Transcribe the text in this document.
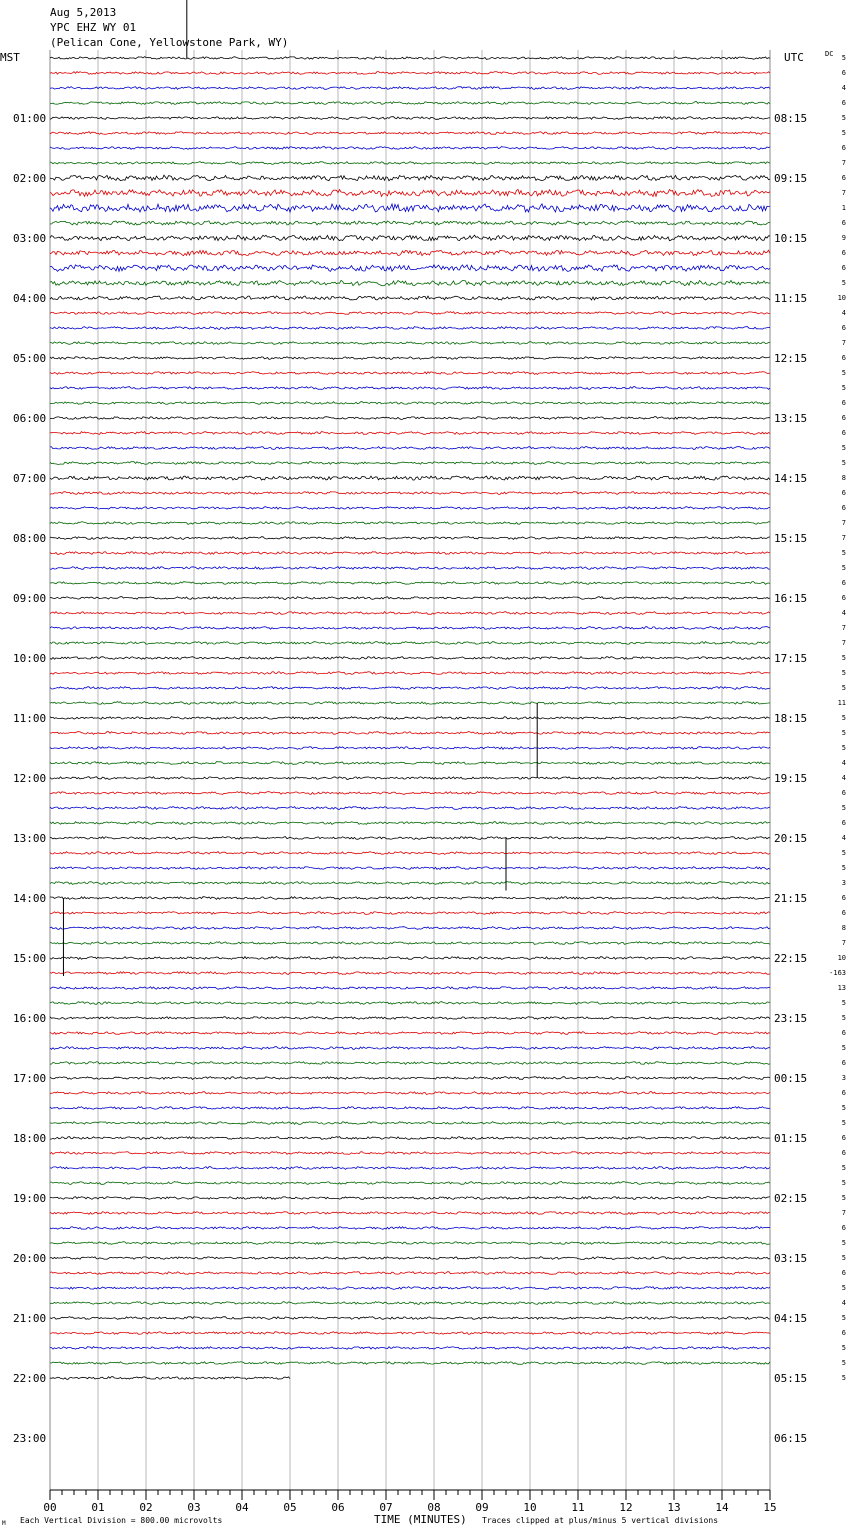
Aug 5,2013
YPC EHZ WY 01
(Pelican Cone, Yellowstone Park, WY)
MST	UTC	DC
01:00
02:00
03:00
04:00
05:00
06:00
07:00
08:00
09:00
10:00
11:00
12:00
13:00
14:00
15:00
16:00
17:00
18:00
19:00
20:00
21:00
22:00
23:00
08:15
09:15
10:15
11:15
12:15
13:15
14:15
15:15
16:15
17:15
18:15
19:15
20:15
21:15
22:15
23:15
00:15
01:15
02:15
03:15
04:15
05:15
06:15
5
6
4
6
5
5
6
7
6
7
1
6
9
6
6
5
10
4
6
7
6
5
5
6
6
6
5
5
8
6
6
7
7
5
5
6
6
4
7
7
5
5
5
11
5
5
5
4
4
6
5
6
4
5
5
3
6
6
8
7
10
-163
13
5
5
6
5
6
3
6
5
5
6
6
5
5
5
7
6
5
5
6
5
4
5
6
5
5
5
00	01	02	03	04	05	06	07	08	09	10	11	12	13	14	15
M Each Vertical Division = 800.00 microvolts	TIME (MINUTES) Traces clipped at plus/minus 5 vertical divisions
